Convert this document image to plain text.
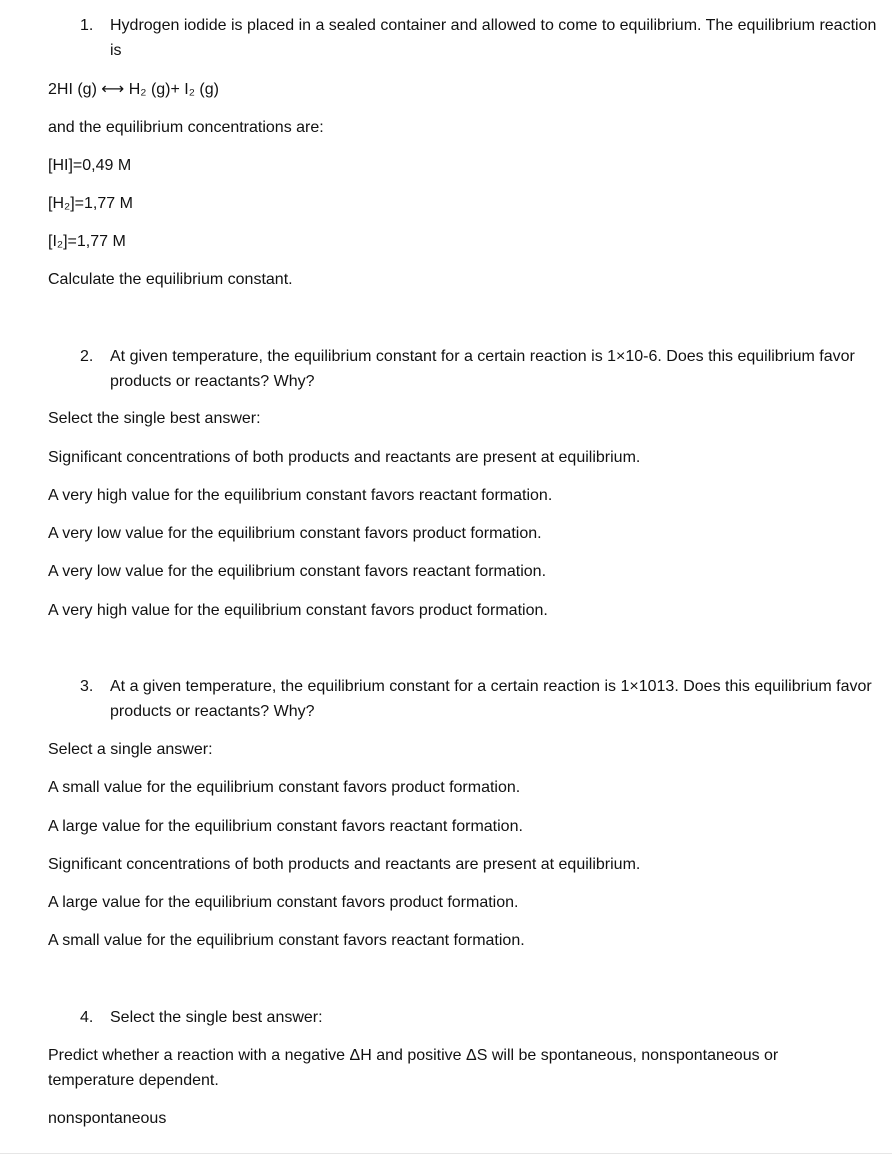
1. Hydrogen iodide is placed in a sealed container and allowed to come to equilibrium. The equilibrium reaction is
2HI (g) ⟷ H₂ (g)+ I₂ (g)
and the equilibrium concentrations are:
[HI]=0,49 M
[H₂]=1,77 M
[I₂]=1,77 M
Calculate the equilibrium constant.
2. At given temperature, the equilibrium constant for a certain reaction is 1×10-6. Does this equilibrium favor products or reactants? Why?
Select the single best answer:
Significant concentrations of both products and reactants are present at equilibrium.
A very high value for the equilibrium constant favors reactant formation.
A very low value for the equilibrium constant favors product formation.
A very low value for the equilibrium constant favors reactant formation.
A very high value for the equilibrium constant favors product formation.
3. At a given temperature, the equilibrium constant for a certain reaction is 1×1013. Does this equilibrium favor products or reactants? Why?
Select a single answer:
A small value for the equilibrium constant favors product formation.
A large value for the equilibrium constant favors reactant formation.
Significant concentrations of both products and reactants are present at equilibrium.
A large value for the equilibrium constant favors product formation.
A small value for the equilibrium constant favors reactant formation.
4. Select the single best answer:
Predict whether a reaction with a negative ΔH and positive ΔS will be spontaneous, nonspontaneous or temperature dependent.
nonspontaneous
